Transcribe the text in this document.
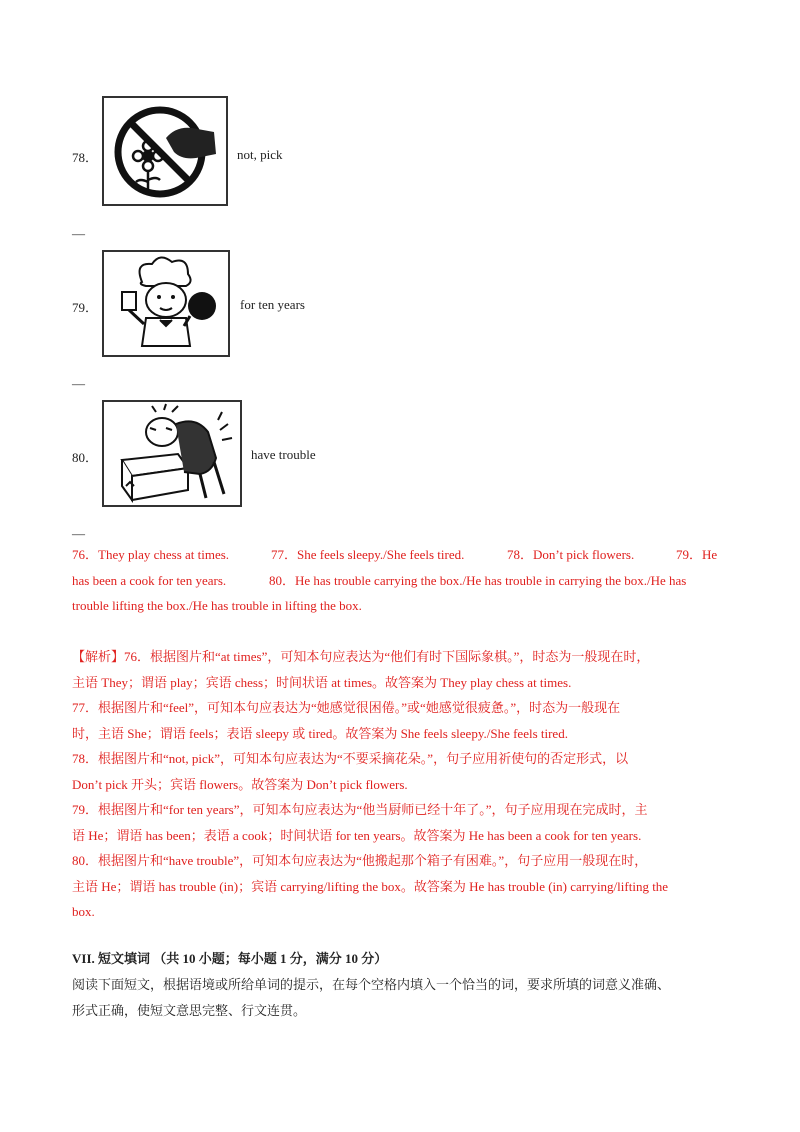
78．	not, pick
—
79．	for ten years
—
80．	have trouble
—
76．They play chess at times.	77．She feels sleepy./She feels tired.	78．Don’t pick flowers.	79．He
has been a cook for ten years.	80．He has trouble carrying the box./He has trouble in carrying the box./He has
trouble lifting the box./He has trouble in lifting the box.
【解析】76．根据图片和“at times”，可知本句应表达为“他们有时下国际象棋。”，时态为一般现在时，
主语 They；谓语 play；宾语 chess；时间状语 at times。故答案为 They play chess at times.
77．根据图片和“feel”，可知本句应表达为“她感觉很困倦。”或“她感觉很疲惫。”，时态为一般现在
时，主语 She；谓语 feels；表语 sleepy 或 tired。故答案为 She feels sleepy./She feels tired.
78．根据图片和“not, pick”，可知本句应表达为“不要采摘花朵。”，句子应用祈使句的否定形式，以
Don’t pick 开头；宾语 flowers。故答案为 Don’t pick flowers.
79．根据图片和“for ten years”，可知本句应表达为“他当厨师已经十年了。”，句子应用现在完成时，主
语 He；谓语 has been；表语 a cook；时间状语 for ten years。故答案为 He has been a cook for ten years.
80．根据图片和“have trouble”，可知本句应表达为“他搬起那个箱子有困难。”，句子应用一般现在时，
主语 He；谓语 has trouble (in)；宾语 carrying/lifting the box。故答案为 He has trouble (in) carrying/lifting the
box.
VII. 短文填词 （共 10 小题；每小题 1 分，满分 10 分）
阅读下面短文，根据语境或所给单词的提示，在每个空格内填入一个恰当的词，要求所填的词意义准确、
形式正确，使短文意思完整、行文连贯。
